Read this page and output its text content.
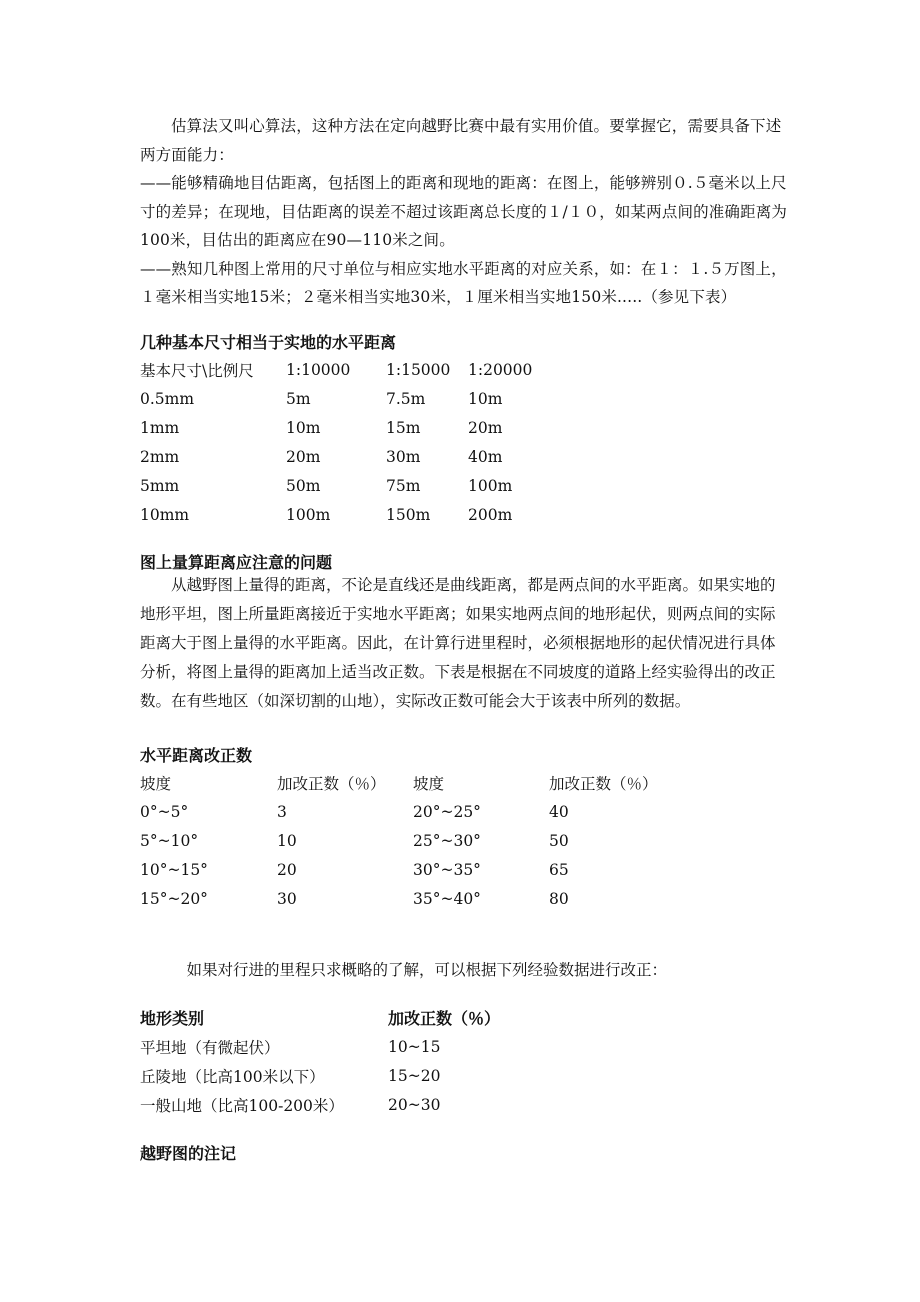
估算法又叫心算法，这种方法在定向越野比赛中最有实用价值。要掌握它，需要具备下述两方面能力：

——能够精确地目估距离，包括图上的距离和现地的距离：在图上，能够辨别０.５毫米以上尺寸的差异；在现地，目估距离的误差不超过该距离总长度的１/１０，如某两点间的准确距离为100米，目估出的距离应在90—110米之间。

——熟知几种图上常用的尺寸单位与相应实地水平距离的对应关系，如：在１：１.５万图上，１毫米相当实地15米；２毫米相当实地30米，１厘米相当实地150米.....（参见下表）

几种基本尺寸相当于实地的水平距离
基本尺寸\比例尺	1:10000	1:15000	1:20000
0.5mm	5m	7.5m	10m
1mm	10m	15m	20m
2mm	20m	30m	40m
5mm	50m	75m	100m
10mm	100m	150m	200m
图上量算距离应注意的问题

从越野图上量得的距离，不论是直线还是曲线距离，都是两点间的水平距离。如果实地的地形平坦，图上所量距离接近于实地水平距离；如果实地两点间的地形起伏，则两点间的实际距离大于图上量得的水平距离。因此，在计算行进里程时，必须根据地形的起伏情况进行具体分析，将图上量得的距离加上适当改正数。下表是根据在不同坡度的道路上经实验得出的改正数。在有些地区（如深切割的山地），实际改正数可能会大于该表中所列的数据。

水平距离改正数
坡度	加改正数（％）	坡度	加改正数（％）
0°~5°	3	20°~25°	40
5°~10°	10	25°~30°	50
10°~15°	20	30°~35°	65
15°~20°	30	35°~40°	80

如果对行进的里程只求概略的了解，可以根据下列经验数据进行改正：

地形类别	加改正数（％）
平坦地（有微起伏）	10~15
丘陵地（比高100米以下）	15~20
一般山地（比高100-200米）	20~30
越野图的注记
